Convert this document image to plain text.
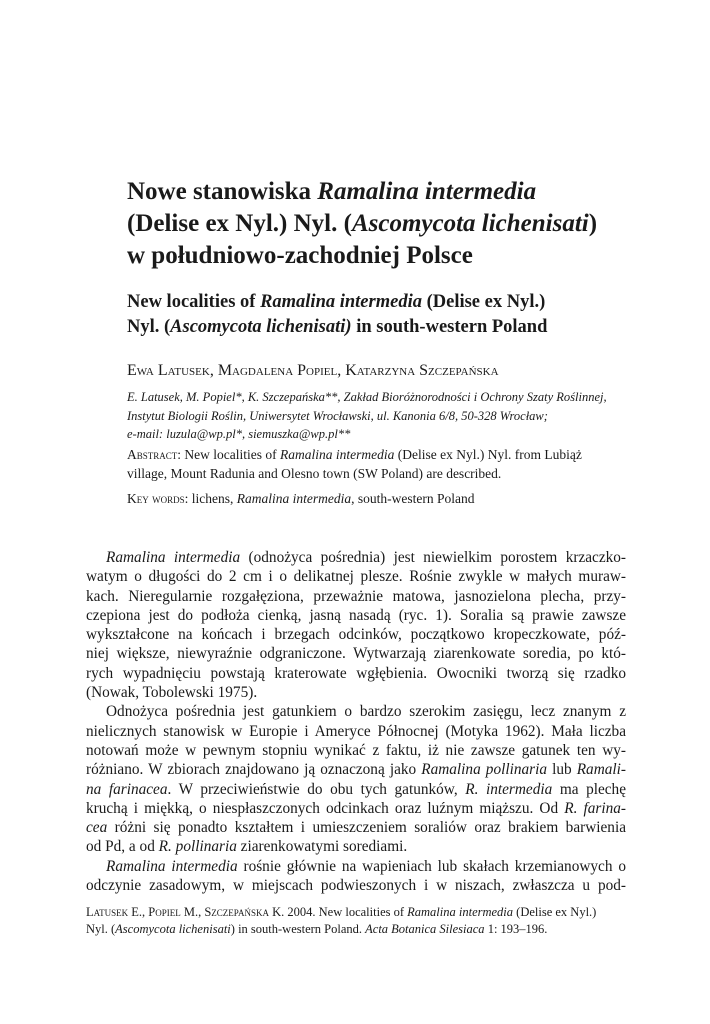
Nowe stanowiska Ramalina intermedia
(Delise ex Nyl.) Nyl. (Ascomycota lichenisati)
w południowo-zachodniej Polsce
New localities of Ramalina intermedia (Delise ex Nyl.)
Nyl. (Ascomycota lichenisati) in south-western Poland
Ewa Latusek, Magdalena Popiel, Katarzyna Szczepańska
E. Latusek, M. Popiel*, K. Szczepańska**, Zakład Bioróżnorodności i Ochrony Szaty Roślinnej,
Instytut Biologii Roślin, Uniwersytet Wrocławski, ul. Kanonia 6/8, 50-328 Wrocław;
e-mail: luzula@wp.pl*, siemuszka@wp.pl**
Abstract: New localities of Ramalina intermedia (Delise ex Nyl.) Nyl. from Lubiąż
village, Mount Radunia and Olesno town (SW Poland) are described.
Key words: lichens, Ramalina intermedia, south-western Poland
Ramalina intermedia (odnożyca pośrednia) jest niewielkim porostem krzaczko-
watym o długości do 2 cm i o delikatnej plesze. Rośnie zwykle w małych muraw-
kach. Nieregularnie rozgałęziona, przeważnie matowa, jasnozielona plecha, przy-
czepiona jest do podłoża cienką, jasną nasadą (ryc. 1). Soralia są prawie zawsze
wykształcone na końcach i brzegach odcinków, początkowo kropeczkowate, póź-
niej większe, niewyraźnie odgraniczone. Wytwarzają ziarenkowate soredia, po któ-
rych wypadnięciu powstają kraterowate wgłębienia. Owocniki tworzą się rzadko
(Nowak, Tobolewski 1975).
Odnożyca pośrednia jest gatunkiem o bardzo szerokim zasięgu, lecz znanym z
nielicznych stanowisk w Europie i Ameryce Północnej (Motyka 1962). Mała liczba
notowań może w pewnym stopniu wynikać z faktu, iż nie zawsze gatunek ten wy-
różniano. W zbiorach znajdowano ją oznaczoną jako Ramalina pollinaria lub Ramali-
na farinacea. W przeciwieństwie do obu tych gatunków, R. intermedia ma plechę
kruchą i miękką, o niespłaszczonych odcinkach oraz luźnym miąższu. Od R. farina-
cea różni się ponadto kształtem i umieszczeniem soraliów oraz brakiem barwienia
od Pd, a od R. pollinaria ziarenkowatymi sorediami.
Ramalina intermedia rośnie głównie na wapieniach lub skałach krzemianowych o
odczynie zasadowym, w miejscach podwieszonych i w niszach, zwłaszcza u pod-
Latusek E., Popiel M., Szczepańska K. 2004. New localities of Ramalina intermedia (Delise ex Nyl.)
Nyl. (Ascomycota lichenisati) in south-western Poland. Acta Botanica Silesiaca 1: 193–196.
